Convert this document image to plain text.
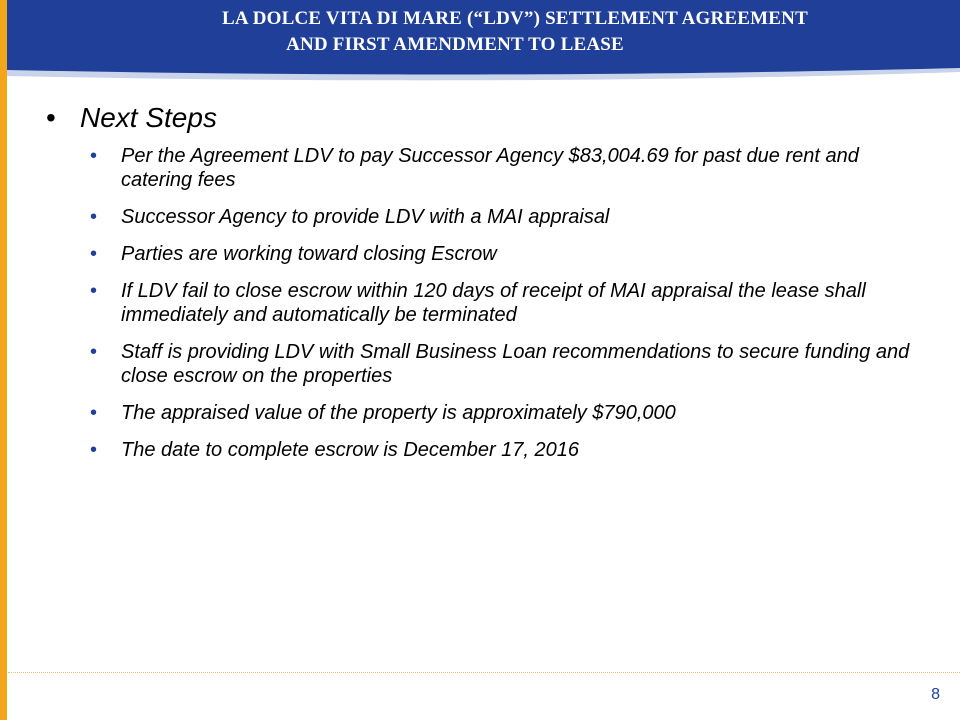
LA DOLCE VITA DI MARE (“LDV”) SETTLEMENT AGREEMENT
AND FIRST AMENDMENT TO LEASE
• Next Steps
• Per the Agreement LDV to pay Successor Agency $83,004.69 for past due rent and catering fees
• Successor Agency to provide LDV with a MAI appraisal
• Parties are working toward closing Escrow
• If LDV fail to close escrow within 120 days of receipt of MAI appraisal the lease shall immediately and automatically be terminated
• Staff is providing LDV with Small Business Loan recommendations to secure funding and close escrow on the properties
• The appraised value of the property is approximately $790,000
• The date to complete escrow is December 17, 2016
8
